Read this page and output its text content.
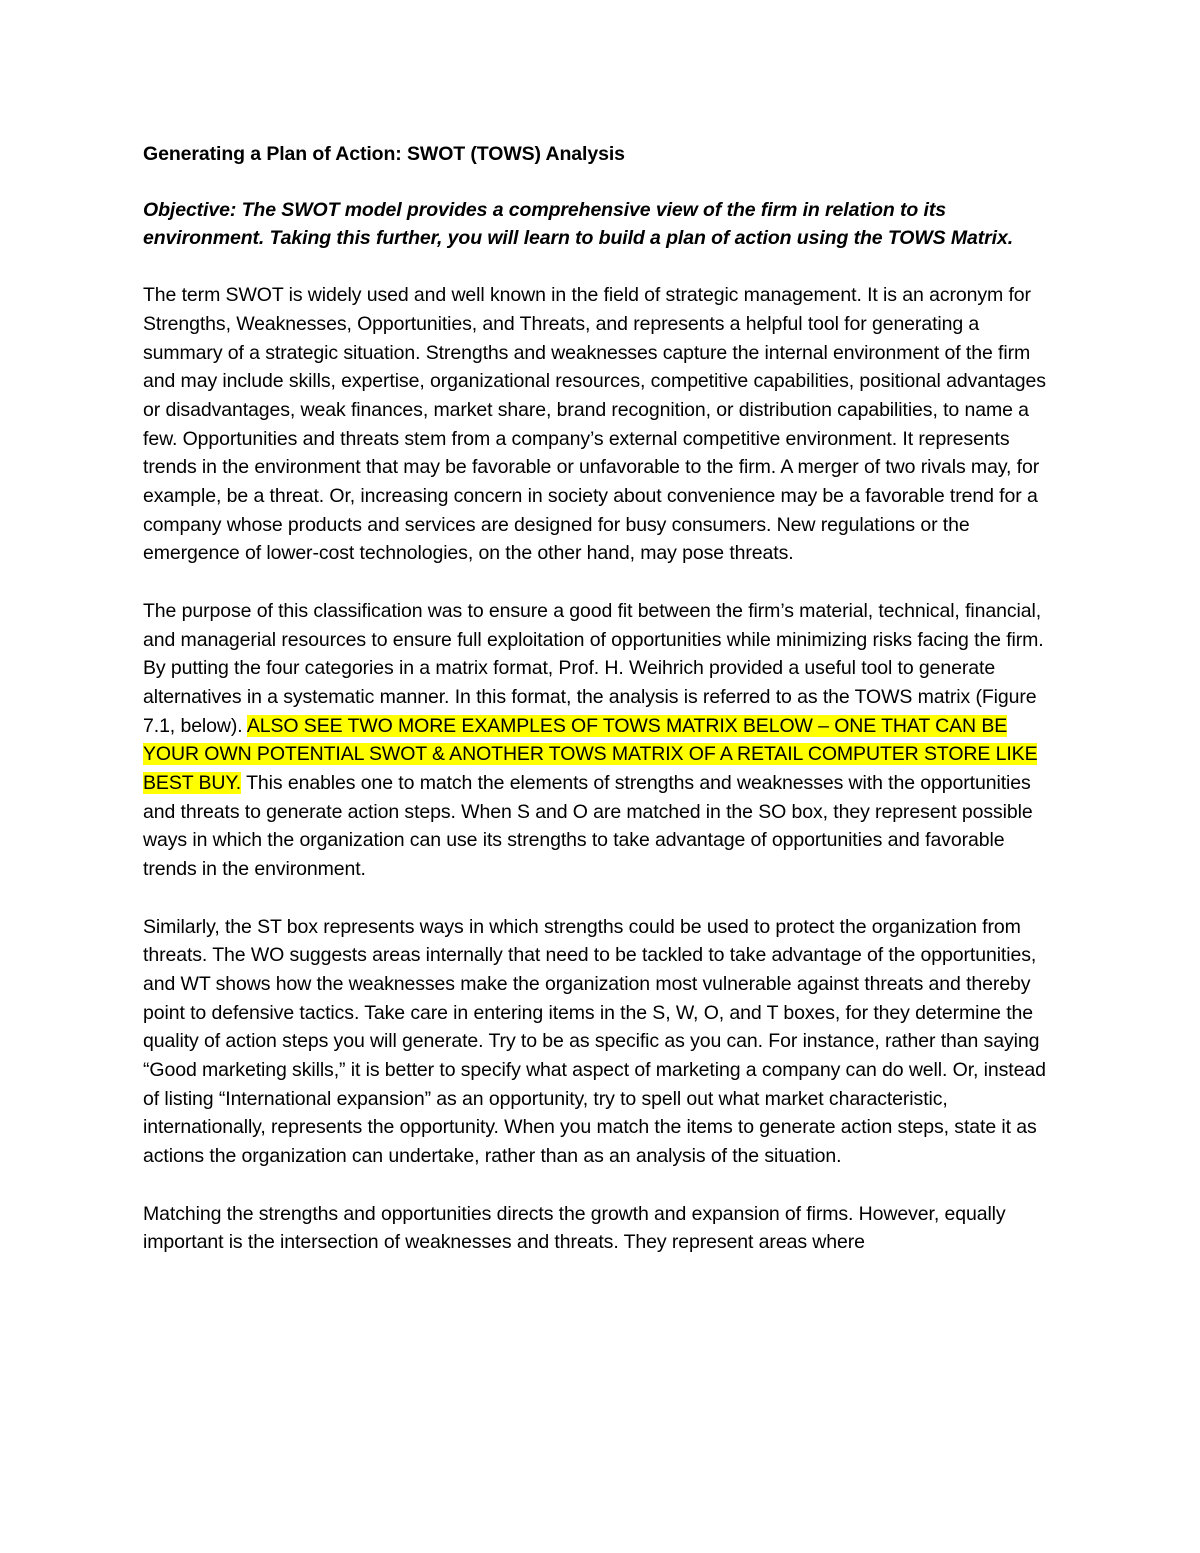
Generating a Plan of Action: SWOT (TOWS) Analysis

Objective: The SWOT model provides a comprehensive view of the firm in relation to its environment. Taking this further, you will learn to build a plan of action using the TOWS Matrix.

The term SWOT is widely used and well known in the field of strategic management. It is an acronym for Strengths, Weaknesses, Opportunities, and Threats, and represents a helpful tool for generating a summary of a strategic situation. Strengths and weaknesses capture the internal environment of the firm and may include skills, expertise, organizational resources, competitive capabilities, positional advantages or disadvantages, weak finances, market share, brand recognition, or distribution capabilities, to name a few. Opportunities and threats stem from a company’s external competitive environment. It represents trends in the environment that may be favorable or unfavorable to the firm. A merger of two rivals may, for example, be a threat. Or, increasing concern in society about convenience may be a favorable trend for a company whose products and services are designed for busy consumers. New regulations or the emergence of lower-cost technologies, on the other hand, may pose threats.

The purpose of this classification was to ensure a good fit between the firm’s material, technical, financial, and managerial resources to ensure full exploitation of opportunities while minimizing risks facing the firm. By putting the four categories in a matrix format, Prof. H. Weihrich provided a useful tool to generate alternatives in a systematic manner. In this format, the analysis is referred to as the TOWS matrix (Figure 7.1, below). ALSO SEE TWO MORE EXAMPLES OF TOWS MATRIX BELOW – ONE THAT CAN BE YOUR OWN POTENTIAL SWOT & ANOTHER TOWS MATRIX OF A RETAIL COMPUTER STORE LIKE BEST BUY. This enables one to match the elements of strengths and weaknesses with the opportunities and threats to generate action steps. When S and O are matched in the SO box, they represent possible ways in which the organization can use its strengths to take advantage of opportunities and favorable trends in the environment.

Similarly, the ST box represents ways in which strengths could be used to protect the organization from threats. The WO suggests areas internally that need to be tackled to take advantage of the opportunities, and WT shows how the weaknesses make the organization most vulnerable against threats and thereby point to defensive tactics. Take care in entering items in the S, W, O, and T boxes, for they determine the quality of action steps you will generate. Try to be as specific as you can. For instance, rather than saying “Good marketing skills,” it is better to specify what aspect of marketing a company can do well. Or, instead of listing “International expansion” as an opportunity, try to spell out what market characteristic, internationally, represents the opportunity. When you match the items to generate action steps, state it as actions the organization can undertake, rather than as an analysis of the situation.

Matching the strengths and opportunities directs the growth and expansion of firms. However, equally important is the intersection of weaknesses and threats. They represent areas where
